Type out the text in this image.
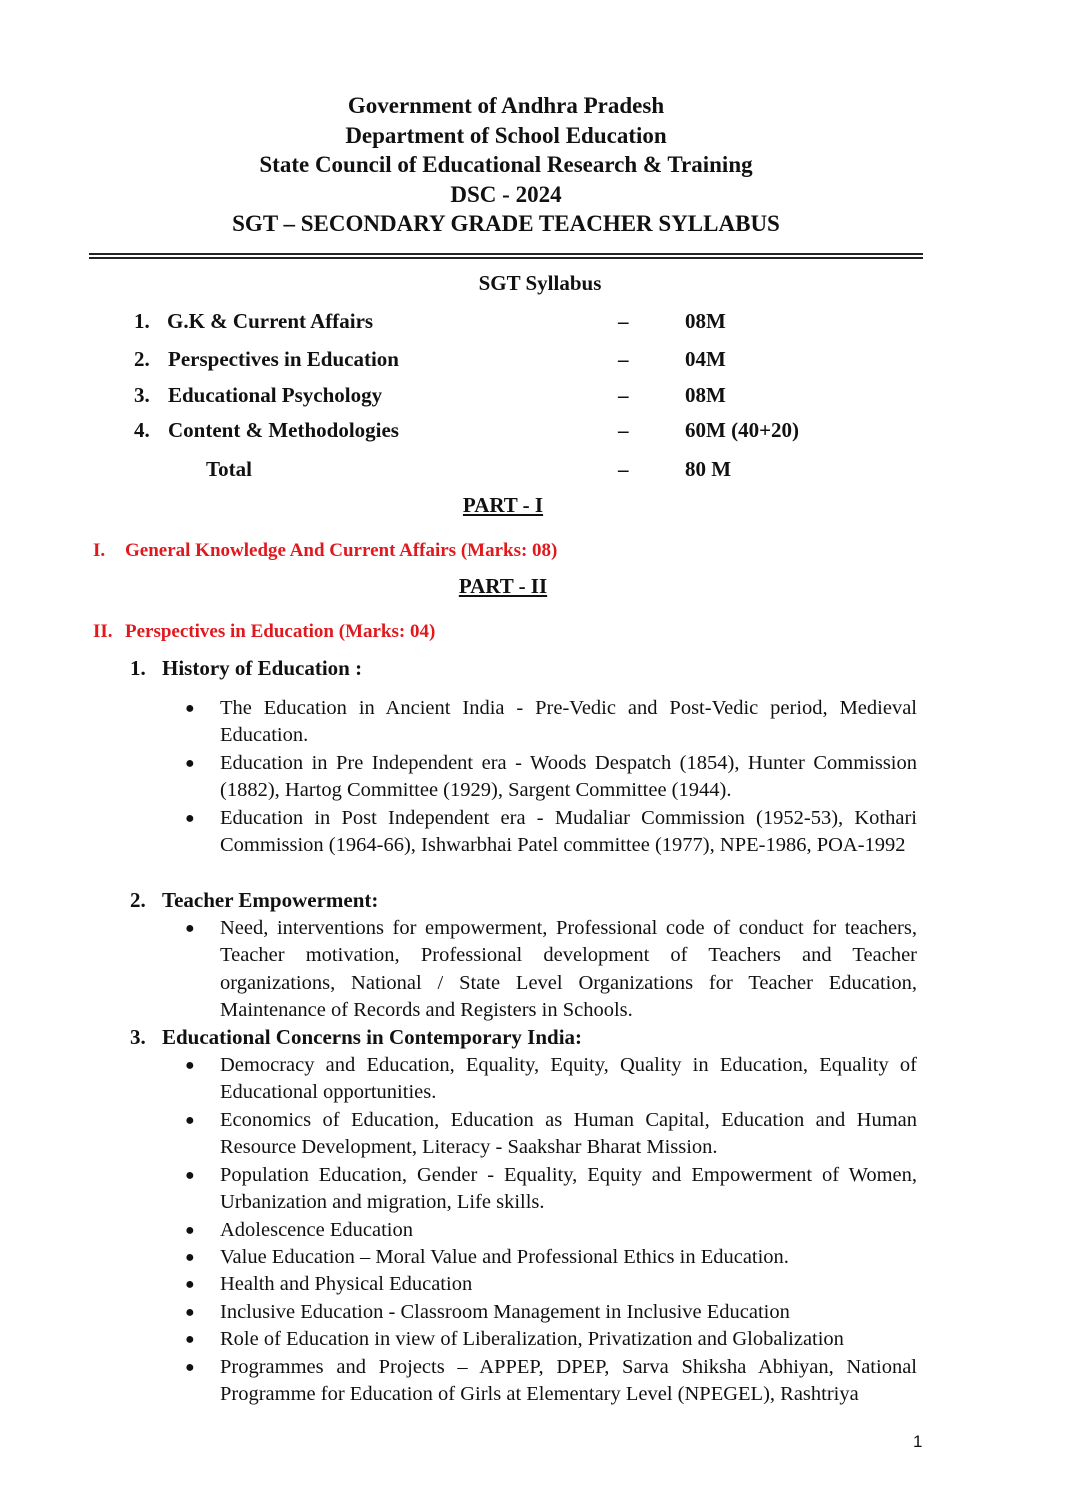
Government of Andhra Pradesh
Department of School Education
State Council of Educational Research & Training
DSC - 2024
SGT – SECONDARY GRADE TEACHER SYLLABUS
SGT Syllabus
1. G.K & Current Affairs	–	08M
2. Perspectives in Education	–	04M
3. Educational Psychology	–	08M
4. Content & Methodologies	–	60M (40+20)
Total	–	80 M
PART - I
I. General Knowledge And Current Affairs (Marks: 08)
PART - II
II. Perspectives in Education (Marks: 04)
1. History of Education :
● The Education in Ancient India - Pre-Vedic and Post-Vedic period, Medieval Education.
● Education in Pre Independent era - Woods Despatch (1854), Hunter Commission (1882), Hartog Committee (1929), Sargent Committee (1944).
● Education in Post Independent era - Mudaliar Commission (1952-53), Kothari Commission (1964-66), Ishwarbhai Patel committee (1977), NPE-1986, POA-1992
2. Teacher Empowerment:
● Need, interventions for empowerment, Professional code of conduct for teachers, Teacher motivation, Professional development of Teachers and Teacher organizations, National / State Level Organizations for Teacher Education, Maintenance of Records and Registers in Schools.
3. Educational Concerns in Contemporary India:
● Democracy and Education, Equality, Equity, Quality in Education, Equality of Educational opportunities.
● Economics of Education, Education as Human Capital, Education and Human Resource Development, Literacy - Saakshar Bharat Mission.
● Population Education, Gender - Equality, Equity and Empowerment of Women, Urbanization and migration, Life skills.
● Adolescence Education
● Value Education – Moral Value and Professional Ethics in Education.
● Health and Physical Education
● Inclusive Education - Classroom Management in Inclusive Education
● Role of Education in view of Liberalization, Privatization and Globalization
● Programmes and Projects – APPEP, DPEP, Sarva Shiksha Abhiyan, National Programme for Education of Girls at Elementary Level (NPEGEL), Rashtriya
1
